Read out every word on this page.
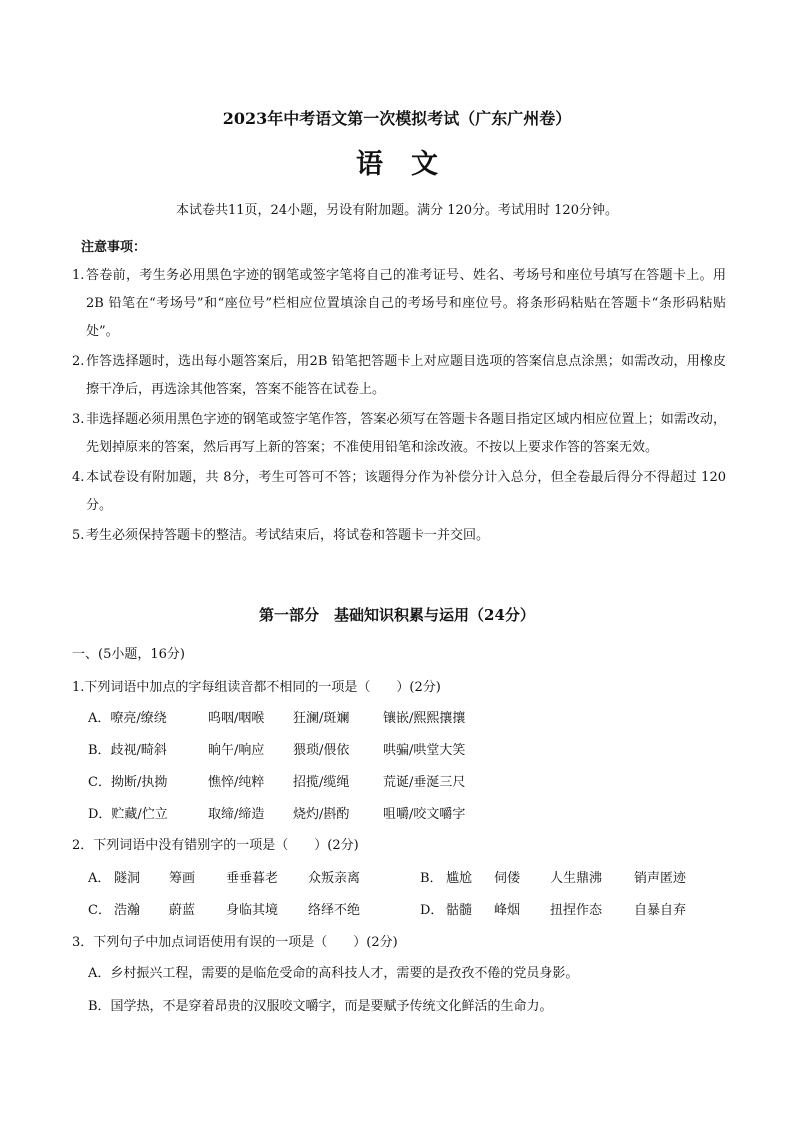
2023年中考语文第一次模拟考试（广东广州卷）
语文
本试卷共11页，24小题，另设有附加题。满分 120分。考试用时 120分钟。
注意事项：
1. 答卷前，考生务必用黑色字迹的钢笔或签字笔将自己的准考证号、姓名、考场号和座位号填写在答题卡上。用2B 铅笔在“考场号”和“座位号”栏相应位置填涂自己的考场号和座位号。将条形码粘贴在答题卡“条形码粘贴处”。
2. 作答选择题时，选出每小题答案后，用2B 铅笔把答题卡上对应题目选项的答案信息点涂黑；如需改动，用橡皮擦干净后，再选涂其他答案，答案不能答在试卷上。
3. 非选择题必须用黑色字迹的钢笔或签字笔作答，答案必须写在答题卡各题目指定区域内相应位置上；如需改动，先划掉原来的答案，然后再写上新的答案；不准使用铅笔和涂改液。不按以上要求作答的答案无效。
4. 本试卷设有附加题，共 8分，考生可答可不答；该题得分作为补偿分计入总分，但全卷最后得分不得超过 120分。
5. 考生必须保持答题卡的整洁。考试结束后，将试卷和答题卡一并交回。
第一部分　基础知识积累与运用（24分）
一、(5小题，16分)
1.下列词语中加点的字每组读音都不相同的一项是（　　）(2分)
A．嘹亮/缭绕	呜咽/咽喉	狂澜/斑斓	镶嵌/熙熙攘攘
B．歧视/畸斜	晌午/响应	猥琐/偎依	哄骗/哄堂大笑
C．拗断/执拗	憔悴/纯粹	招揽/缆绳	荒诞/垂涎三尺
D．贮藏/伫立	取缔/缔造	烧灼/斟酌	咀嚼/咬文嚼字
2．下列词语中没有错别字的一项是（　　）(2分)
A． 隧洞	筹画	垂垂暮老	众叛亲离	B． 尴尬	伺偻	人生鼎沸	销声匿迹
C． 浩瀚	蔚蓝	身临其境	络绎不绝	D． 骷髓	峰烟	扭捏作态	自暴自弃
3．下列句子中加点词语使用有误的一项是（　　）(2分)
A．乡村振兴工程，需要的是临危受命的高科技人才，需要的是孜孜不倦的党员身影。
B．国学热，不是穿着昂贵的汉服咬文嚼字，而是要赋予传统文化鲜活的生命力。
